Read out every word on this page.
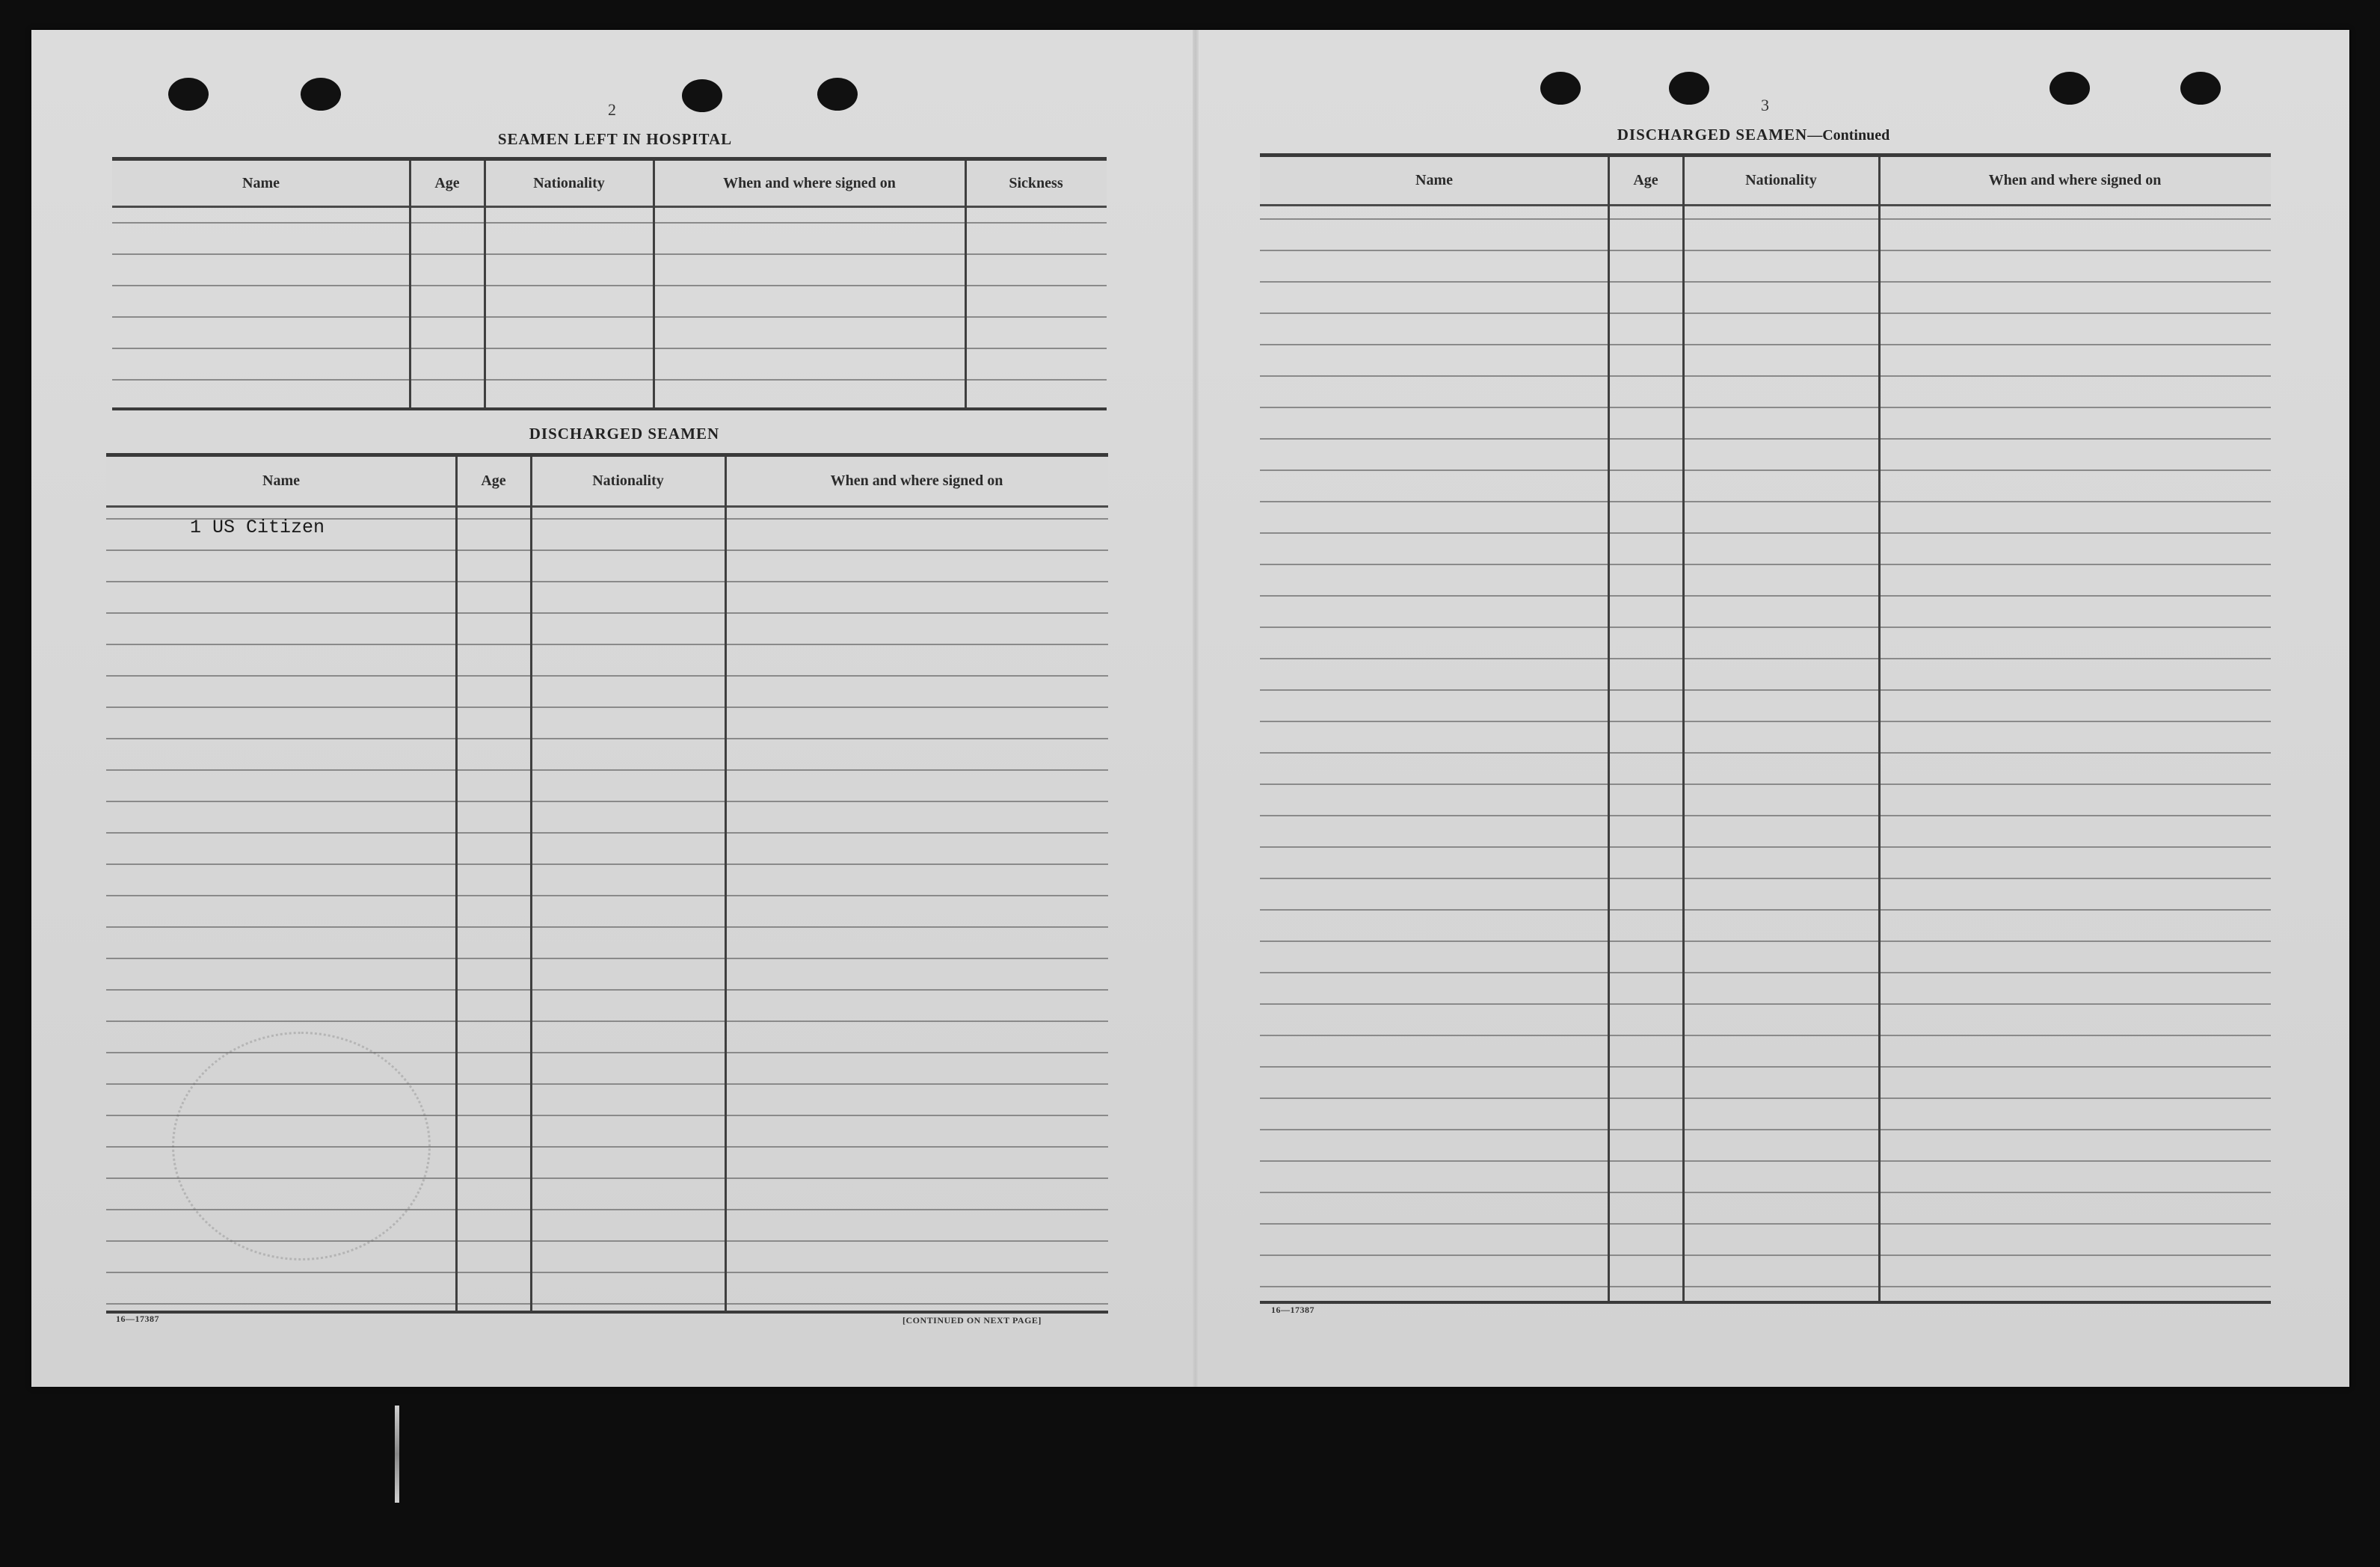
2
SEAMEN LEFT IN HOSPITAL
Name	Age	Nationality	When and where signed on	Sickness
DISCHARGED SEAMEN
Name	Age	Nationality	When and where signed on
1 US Citizen
16—17387	[CONTINUED ON NEXT PAGE]
3
DISCHARGED SEAMEN—Continued
Name	Age	Nationality	When and where signed on
16—17387
